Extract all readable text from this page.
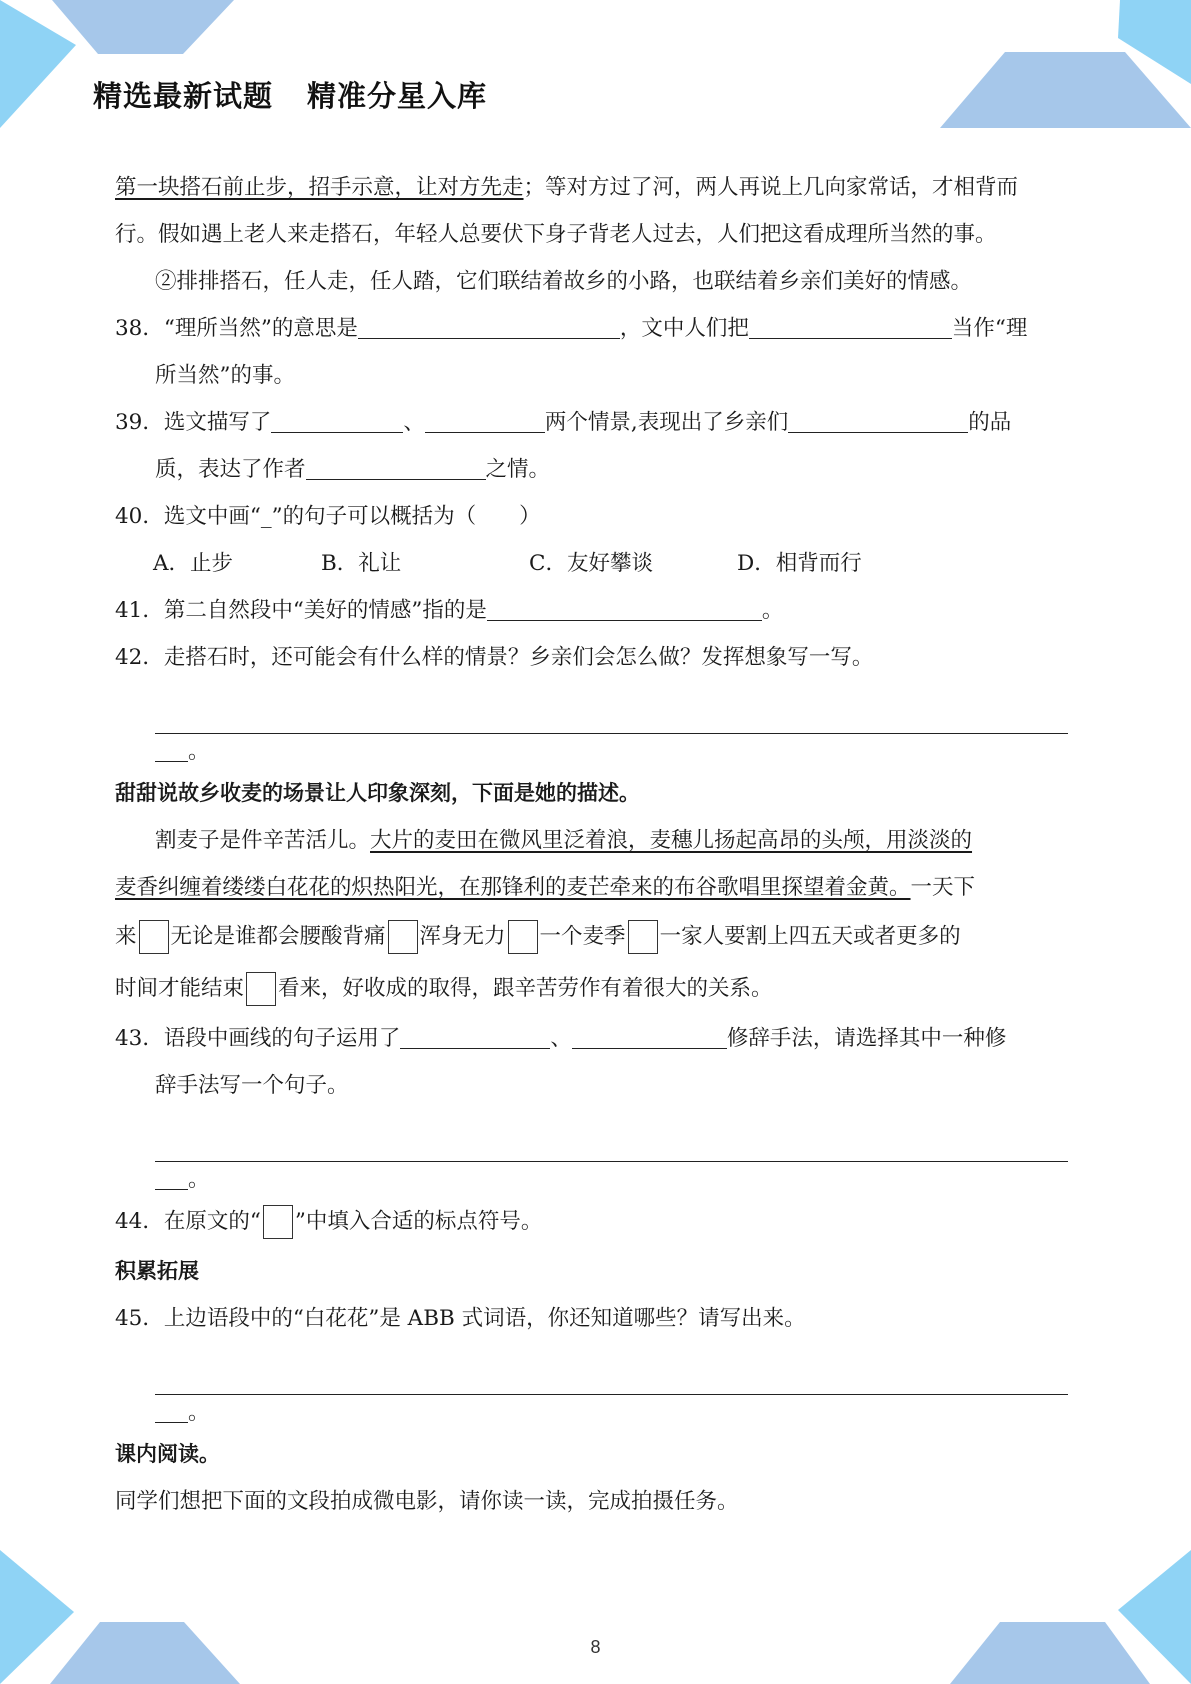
精选最新试题 精准分星入库
第一块搭石前止步，招手示意，让对方先走；等对方过了河，两人再说上几向家常话，才相背而
行。假如遇上老人来走搭石，年轻人总要伏下身子背老人过去，人们把这看成理所当然的事。
②排排搭石，任人走，任人踏，它们联结着故乡的小路，也联结着乡亲们美好的情感。
38．“理所当然”的意思是	，文中人们把	当作“理
所当然”的事。
39．选文描写了	、	两个情景,表现出了乡亲们	的品
质，表达了作者	之情。
40．选文中画“_”的句子可以概括为（　　）
A．止步	B．礼让	C．友好攀谈	D．相背而行
41．第二自然段中“美好的情感”指的是	。
42．走搭石时，还可能会有什么样的情景？乡亲们会怎么做？发挥想象写一写。
。
甜甜说故乡收麦的场景让人印象深刻，下面是她的描述。
割麦子是件辛苦活儿。大片的麦田在微风里泛着浪，麦穗儿扬起高昂的头颅，用淡淡的
麦香纠缠着缕缕白花花的炽热阳光，在那锋利的麦芒牵来的布谷歌唱里探望着金黄。一天下
来 无论是谁都会腰酸背痛 浑身无力 一个麦季 一家人要割上四五天或者更多的
时间才能结束 看来，好收成的取得，跟辛苦劳作有着很大的关系。
43．语段中画线的句子运用了	、	修辞手法，请选择其中一种修
辞手法写一个句子。
。
44．在原文的“ ”中填入合适的标点符号。
积累拓展
45．上边语段中的“白花花”是 ABB 式词语，你还知道哪些？请写出来。
。
课内阅读。
同学们想把下面的文段拍成微电影，请你读一读，完成拍摄任务。
8
